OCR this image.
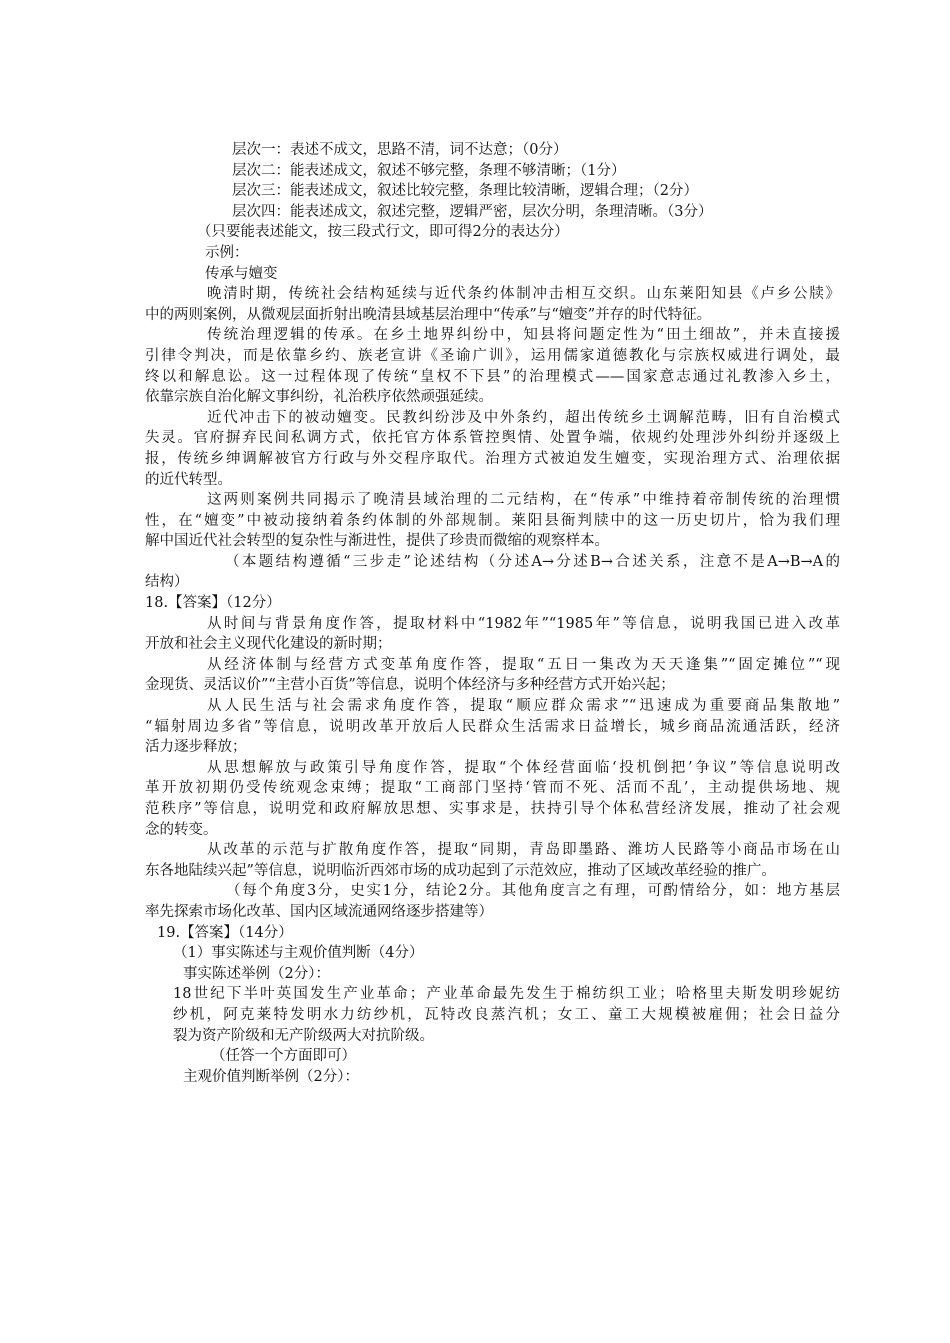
层次一：表述不成文，思路不清，词不达意；（0分）
层次二：能表述成文，叙述不够完整，条理不够清晰；（1分）
层次三：能表述成文，叙述比较完整，条理比较清晰，逻辑合理；（2分）
层次四：能表述成文，叙述完整，逻辑严密，层次分明，条理清晰。（3分）
（只要能表述能文，按三段式行文，即可得2分的表达分）
示例：
传承与嬗变
晚清时期，传统社会结构延续与近代条约体制冲击相互交织。山东莱阳知县《卢乡公牍》
中的两则案例，从微观层面折射出晚清县域基层治理中“传承”与“嬗变”并存的时代特征。
传统治理逻辑的传承。在乡土地界纠纷中，知县将问题定性为“田土细故”，并未直接援
引律令判决，而是依靠乡约、族老宣讲《圣谕广训》，运用儒家道德教化与宗族权威进行调处，最
终以和解息讼。这一过程体现了传统“皇权不下县”的治理模式——国家意志通过礼教渗入乡土，
依靠宗族自治化解文事纠纷，礼治秩序依然顽强延续。
近代冲击下的被动嬗变。民教纠纷涉及中外条约，超出传统乡土调解范畴，旧有自治模式
失灵。官府摒弃民间私调方式，依托官方体系管控舆情、处置争端，依规约处理涉外纠纷并逐级上
报，传统乡绅调解被官方行政与外交程序取代。治理方式被迫发生嬗变，实现治理方式、治理依据
的近代转型。
这两则案例共同揭示了晚清县域治理的二元结构，在“传承”中维持着帝制传统的治理惯
性，在“嬗变”中被动接纳着条约体制的外部规制。莱阳县衙判牍中的这一历史切片，恰为我们理
解中国近代社会转型的复杂性与渐进性，提供了珍贵而微缩的观察样本。
（本题结构遵循“三步走”论述结构（分述A→分述B→合述关系，注意不是A→B→A的
结构）
18.【答案】（12分）
从时间与背景角度作答，提取材料中“1982年”“1985年”等信息，说明我国已进入改革
开放和社会主义现代化建设的新时期；
从经济体制与经营方式变革角度作答，提取“五日一集改为天天逢集”“固定摊位”“现
金现货、灵活议价”“主营小百货”等信息，说明个体经济与多种经营方式开始兴起；
从人民生活与社会需求角度作答，提取“顺应群众需求”“迅速成为重要商品集散地”
“辐射周边多省”等信息，说明改革开放后人民群众生活需求日益增长，城乡商品流通活跃，经济
活力逐步释放；
从思想解放与政策引导角度作答，提取“个体经营面临‘投机倒把’争议”等信息说明改
革开放初期仍受传统观念束缚；提取“工商部门坚持‘管而不死、活而不乱’，主动提供场地、规
范秩序”等信息，说明党和政府解放思想、实事求是，扶持引导个体私营经济发展，推动了社会观
念的转变。
从改革的示范与扩散角度作答，提取“同期，青岛即墨路、潍坊人民路等小商品市场在山
东各地陆续兴起”等信息，说明临沂西郊市场的成功起到了示范效应，推动了区域改革经验的推广。
（每个角度3分，史实1分，结论2分。其他角度言之有理，可酌情给分，如：地方基层
率先探索市场化改革、国内区域流通网络逐步搭建等）
19.【答案】（14分）
（1）事实陈述与主观价值判断（4分）
事实陈述举例（2分）：
18世纪下半叶英国发生产业革命；产业革命最先发生于棉纺织工业；哈格里夫斯发明珍妮纺
纱机，阿克莱特发明水力纺纱机，瓦特改良蒸汽机；女工、童工大规模被雇佣；社会日益分
裂为资产阶级和无产阶级两大对抗阶级。
（任答一个方面即可）
主观价值判断举例（2分）：
